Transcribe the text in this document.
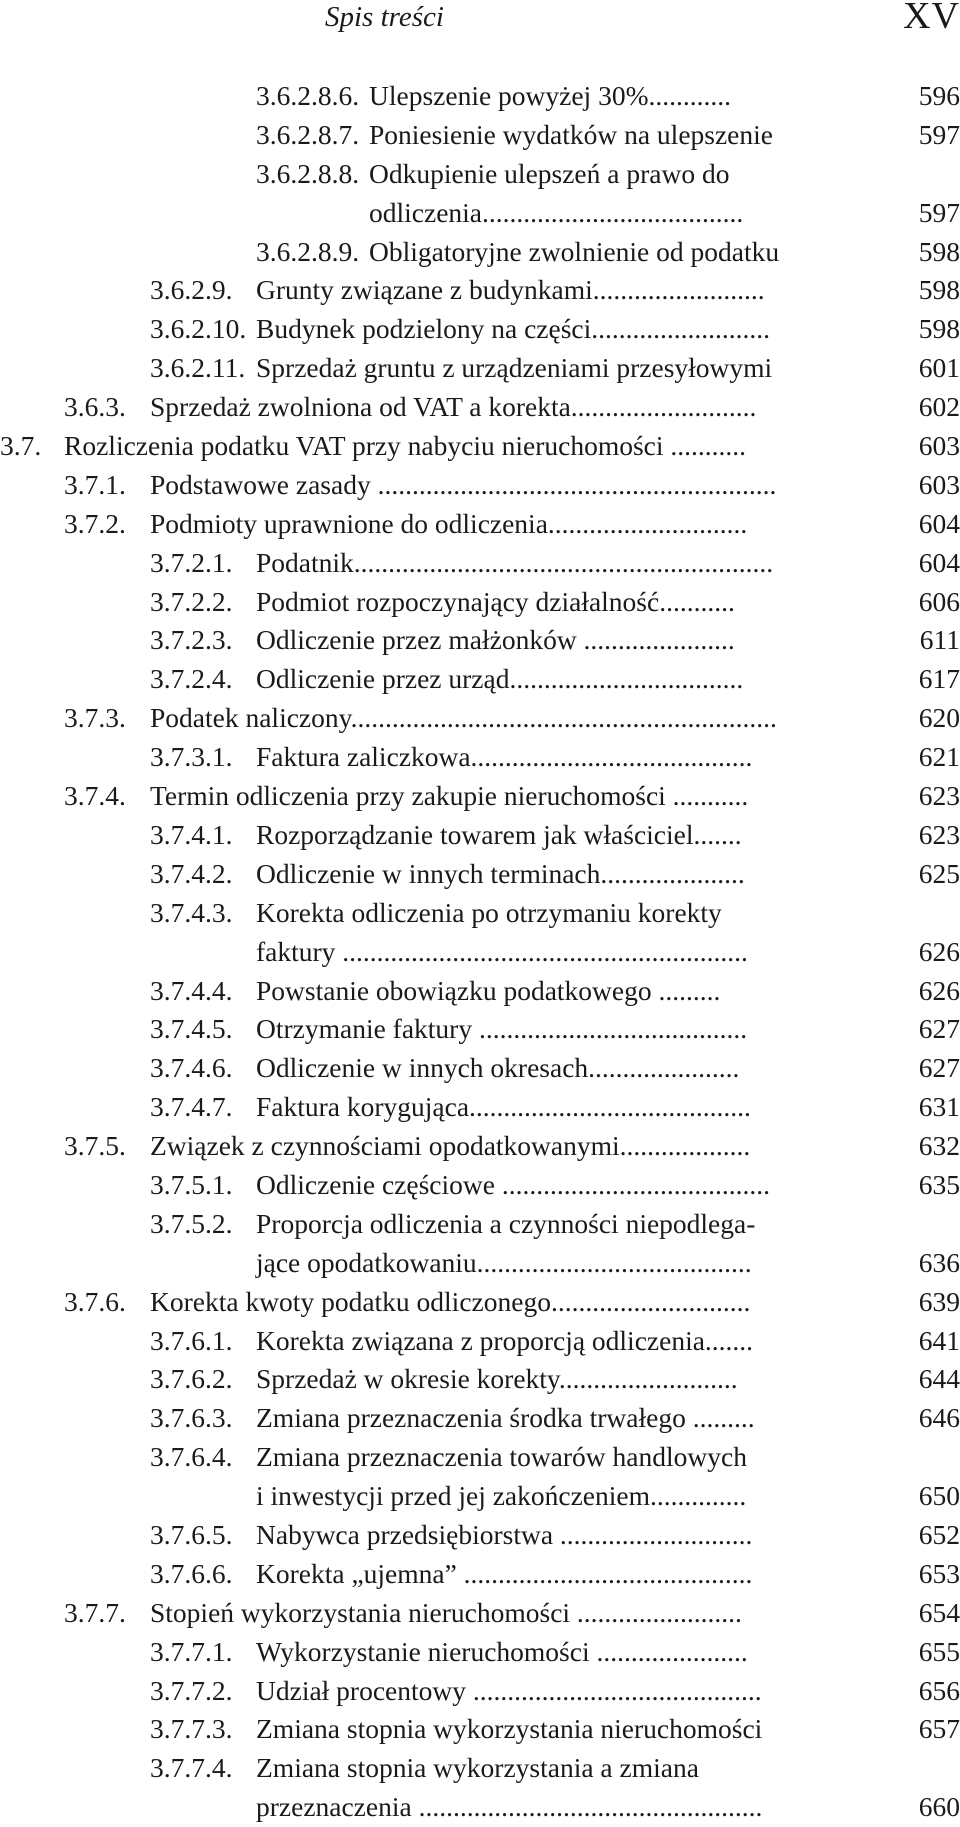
Spis treści	XV
3.6.2.8.6. Ulepszenie powyżej 30%............	596
3.6.2.8.7. Poniesienie wydatków na ulepszenie	597
3.6.2.8.8. Odkupienie ulepszeń a prawo do
odliczenia......................................	597
3.6.2.8.9. Obligatoryjne zwolnienie od podatku	598
3.6.2.9. Grunty związane z budynkami.........................	598
3.6.2.10. Budynek podzielony na części..........................	598
3.6.2.11. Sprzedaż gruntu z urządzeniami przesyłowymi	601
3.6.3. Sprzedaż zwolniona od VAT a korekta...........................	602
3.7. Rozliczenia podatku VAT przy nabyciu nieruchomości ...........	603
3.7.1. Podstawowe zasady ..........................................................	603
3.7.2. Podmioty uprawnione do odliczenia.............................	604
3.7.2.1. Podatnik.............................................................	604
3.7.2.2. Podmiot rozpoczynający działalność...........	606
3.7.2.3. Odliczenie przez małżonków ......................	611
3.7.2.4. Odliczenie przez urząd..................................	617
3.7.3. Podatek naliczony..............................................................	620
3.7.3.1. Faktura zaliczkowa.........................................	621
3.7.4. Termin odliczenia przy zakupie nieruchomości ...........	623
3.7.4.1. Rozporządzanie towarem jak właściciel.......	623
3.7.4.2. Odliczenie w innych terminach.....................	625
3.7.4.3. Korekta odliczenia po otrzymaniu korekty
faktury ...........................................................	626
3.7.4.4. Powstanie obowiązku podatkowego .........	626
3.7.4.5. Otrzymanie faktury .......................................	627
3.7.4.6. Odliczenie w innych okresach......................	627
3.7.4.7. Faktura korygująca.........................................	631
3.7.5. Związek z czynnościami opodatkowanymi...................	632
3.7.5.1. Odliczenie częściowe .......................................	635
3.7.5.2. Proporcja odliczenia a czynności niepodlega-
jące opodatkowaniu........................................	636
3.7.6. Korekta kwoty podatku odliczonego.............................	639
3.7.6.1. Korekta związana z proporcją odliczenia.......	641
3.7.6.2. Sprzedaż w okresie korekty..........................	644
3.7.6.3. Zmiana przeznaczenia środka trwałego .........	646
3.7.6.4. Zmiana przeznaczenia towarów handlowych
i inwestycji przed jej zakończeniem..............	650
3.7.6.5. Nabywca przedsiębiorstwa ............................	652
3.7.6.6. Korekta „ujemna” ..........................................	653
3.7.7. Stopień wykorzystania nieruchomości ........................	654
3.7.7.1. Wykorzystanie nieruchomości ......................	655
3.7.7.2. Udział procentowy ..........................................	656
3.7.7.3. Zmiana stopnia wykorzystania nieruchomości	657
3.7.7.4. Zmiana stopnia wykorzystania a zmiana
przeznaczenia ..................................................	660
